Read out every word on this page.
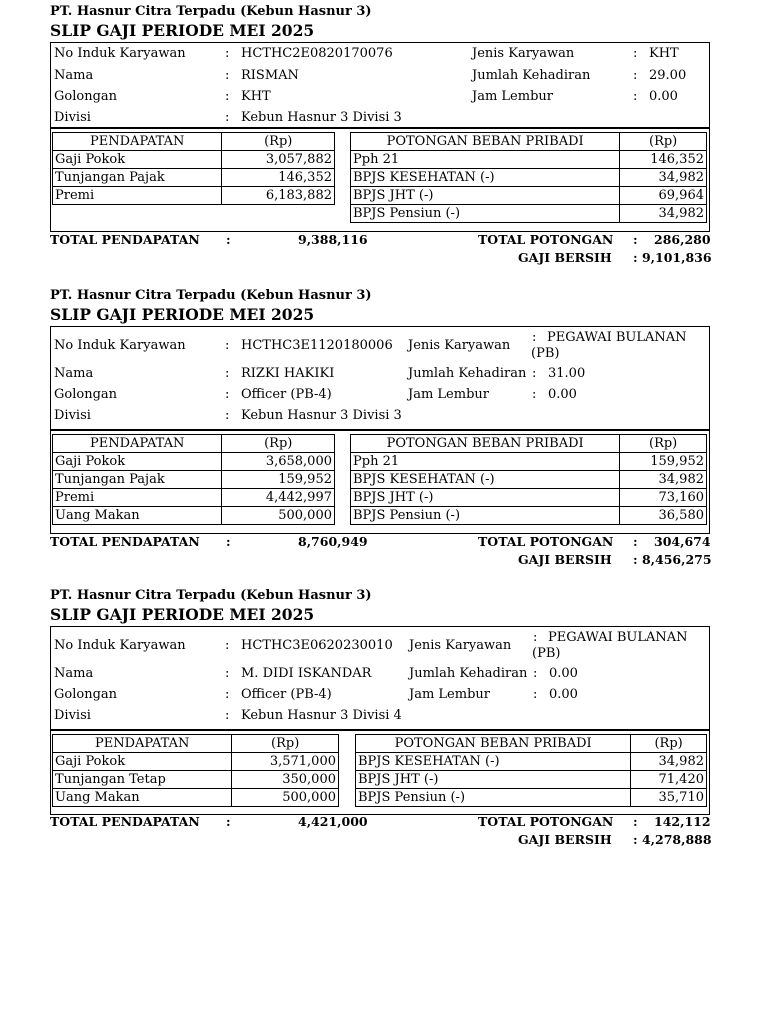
PT. Hasnur Citra Terpadu (Kebun Hasnur 3)
SLIP GAJI PERIODE MEI 2025
No Induk Karyawan	: HCTHC2E0820170076	Jenis Karyawan	: KHT
Nama	: RISMAN	Jumlah Kehadiran	: 29.00
Golongan	: KHT	Jam Lembur	: 0.00
Divisi	: Kebun Hasnur 3 Divisi 3
PENDAPATAN	(Rp)
Gaji Pokok	3,057,882
Tunjangan Pajak	146,352
Premi	6,183,882
POTONGAN BEBAN PRIBADI	(Rp)
Pph 21	146,352
BPJS KESEHATAN (-)	34,982
BPJS JHT (-)	69,964
BPJS Pensiun (-)	34,982
TOTAL PENDAPATAN :	9,388,116	TOTAL POTONGAN : 286,280
GAJI BERSIH : 9,101,836
PT. Hasnur Citra Terpadu (Kebun Hasnur 3)
SLIP GAJI PERIODE MEI 2025
No Induk Karyawan	: HCTHC3E1120180006 Jenis Karyawan
: PEGAWAI BULANAN (PB)
Nama	: RIZKI HAKIKI	Jumlah Kehadiran : 31.00
Golongan	: Officer (PB-4)	Jam Lembur	: 0.00
Divisi	: Kebun Hasnur 3 Divisi 3
PENDAPATAN	(Rp)
Gaji Pokok	3,658,000
Tunjangan Pajak	159,952
Premi	4,442,997
Uang Makan	500,000
POTONGAN BEBAN PRIBADI	(Rp)
Pph 21	159,952
BPJS KESEHATAN (-)	34,982
BPJS JHT (-)	73,160
BPJS Pensiun (-)	36,580
TOTAL PENDAPATAN :	8,760,949	TOTAL POTONGAN : 304,674
GAJI BERSIH : 8,456,275
PT. Hasnur Citra Terpadu (Kebun Hasnur 3)
SLIP GAJI PERIODE MEI 2025
No Induk Karyawan	: HCTHC3E0620230010 Jenis Karyawan
: PEGAWAI BULANAN (PB)
Nama	: M. DIDI ISKANDAR	Jumlah Kehadiran : 0.00
Golongan	: Officer (PB-4)	Jam Lembur	: 0.00
Divisi	: Kebun Hasnur 3 Divisi 4
PENDAPATAN	(Rp)
Gaji Pokok	3,571,000
Tunjangan Tetap	350,000
Uang Makan	500,000
POTONGAN BEBAN PRIBADI	(Rp)
BPJS KESEHATAN (-)	34,982
BPJS JHT (-)	71,420
BPJS Pensiun (-)	35,710
TOTAL PENDAPATAN :	4,421,000	TOTAL POTONGAN : 142,112
GAJI BERSIH : 4,278,888
